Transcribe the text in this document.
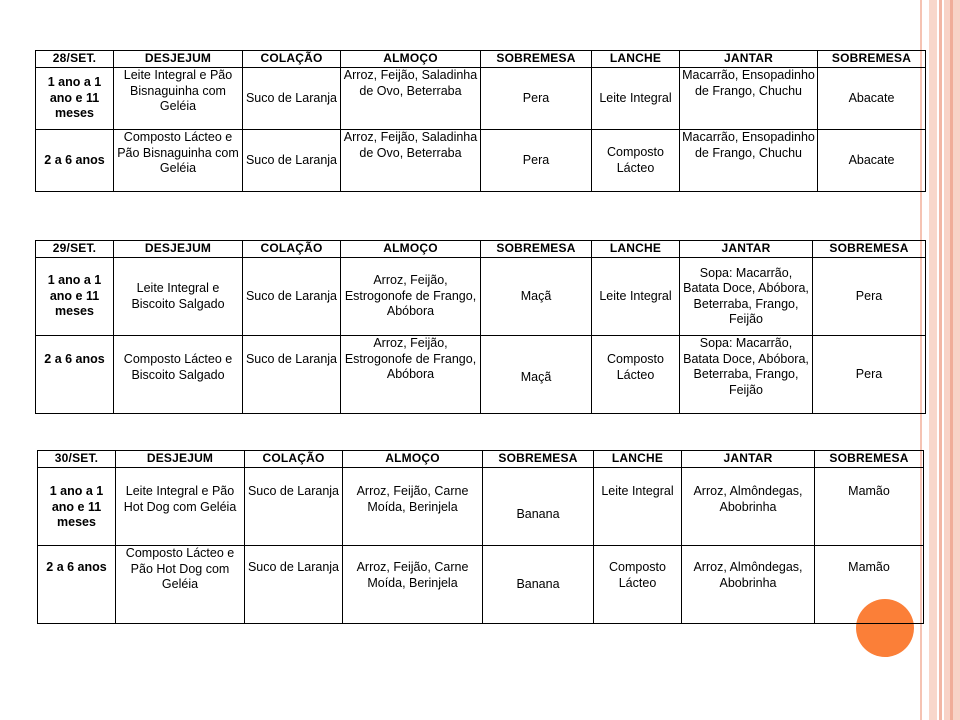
28/SET.	DESJEJUM	COLAÇÃO	ALMOÇO	SOBREMESA	LANCHE	JANTAR	SOBREMESA
1 ano a 1 ano e 11 meses	Leite Integral e Pão Bisnaguinha com Geléia	Suco de Laranja	Arroz, Feijão, Saladinha de Ovo, Beterraba	Pera	Leite Integral	Macarrão, Ensopadinho de Frango, Chuchu	Abacate
2 a 6 anos	Composto Lácteo e Pão Bisnaguinha com Geléia	Suco de Laranja	Arroz, Feijão, Saladinha de Ovo, Beterraba	Pera	Composto Lácteo	Macarrão, Ensopadinho de Frango, Chuchu	Abacate
29/SET.	DESJEJUM	COLAÇÃO	ALMOÇO	SOBREMESA	LANCHE	JANTAR	SOBREMESA
1 ano a 1 ano e 11 meses	Leite Integral e Biscoito Salgado	Suco de Laranja	Arroz, Feijão, Estrogonofe de Frango, Abóbora	Maçã	Leite Integral	Sopa: Macarrão, Batata Doce, Abóbora, Beterraba, Frango, Feijão	Pera
2 a 6 anos	Composto Lácteo e Biscoito Salgado	Suco de Laranja	Arroz, Feijão, Estrogonofe de Frango, Abóbora	Maçã	Composto Lácteo	Sopa: Macarrão, Batata Doce, Abóbora, Beterraba, Frango, Feijão	Pera
30/SET.	DESJEJUM	COLAÇÃO	ALMOÇO	SOBREMESA	LANCHE	JANTAR	SOBREMESA
1 ano a 1 ano e 11 meses	Leite Integral e Pão Hot Dog com Geléia	Suco de Laranja	Arroz, Feijão, Carne Moída, Berinjela	Banana	Leite Integral	Arroz, Almôndegas, Abobrinha	Mamão
2 a 6 anos	Composto Lácteo e Pão Hot Dog com Geléia	Suco de Laranja	Arroz, Feijão, Carne Moída, Berinjela	Banana	Composto Lácteo	Arroz, Almôndegas, Abobrinha	Mamão
